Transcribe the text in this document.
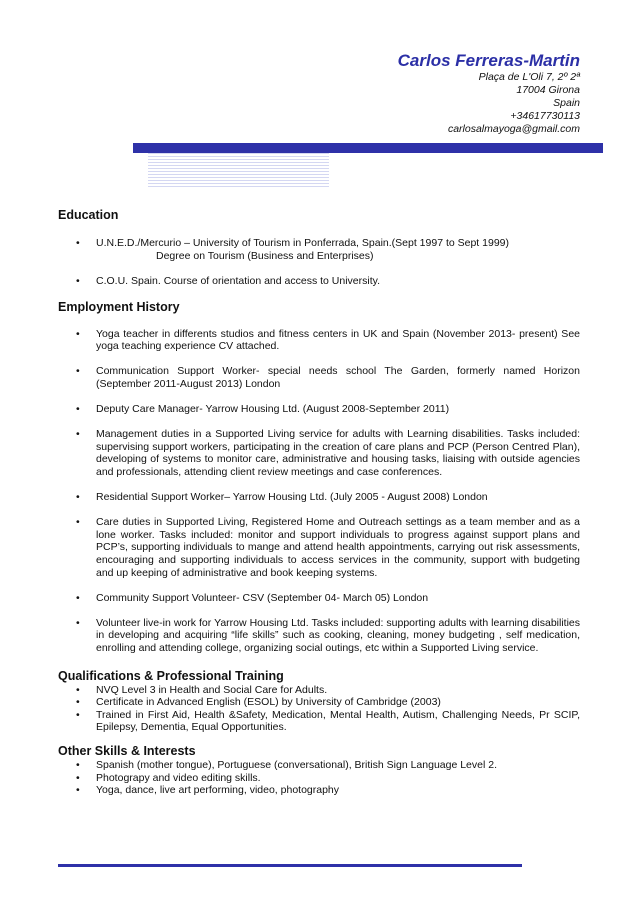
Carlos Ferreras-Martin
Plaça de L'Oli 7, 2º 2ª
17004 Girona
Spain
+34617730113
carlosalmayoga@gmail.com
Education
• U.N.E.D./Mercurio – University of Tourism in Ponferrada, Spain.(Sept 1997 to Sept 1999)
Degree on Tourism (Business and Enterprises)
• C.O.U. Spain. Course of orientation and access to University.
Employment History
• Yoga teacher in differents studios and fitness centers in UK and Spain (November 2013- present) See yoga teaching experience CV attached.
• Communication Support Worker- special needs school The Garden, formerly named Horizon (September 2011-August 2013) London
• Deputy Care Manager- Yarrow Housing Ltd. (August 2008-September 2011)
• Management duties in a Supported Living service for adults with Learning disabilities. Tasks included: supervising support workers, participating in the creation of care plans and PCP (Person Centred Plan), developing of systems to monitor care, administrative and housing tasks, liaising with outside agencies and professionals, attending client review meetings and case conferences.
• Residential Support Worker– Yarrow Housing Ltd. (July 2005 - August 2008) London
• Care duties in Supported Living, Registered Home and Outreach settings as a team member and as a lone worker. Tasks included: monitor and support individuals to progress against support plans and PCP’s, supporting individuals to mange and attend health appointments, carrying out risk assessments, encouraging and supporting individuals to access services in the community, support with budgeting and up keeping of administrative and book keeping systems.
• Community Support Volunteer- CSV (September 04- March 05) London
• Volunteer live-in work for Yarrow Housing Ltd. Tasks included: supporting adults with learning disabilities in developing and acquiring “life skills” such as cooking, cleaning, money budgeting , self medication, enrolling and attending college, organizing social outings, etc within a Supported Living service.
Qualifications & Professional Training
• NVQ Level 3 in Health and Social Care for Adults.
• Certificate in Advanced English (ESOL) by University of Cambridge (2003)
• Trained in First Aid, Health &Safety, Medication, Mental Health, Autism, Challenging Needs, Pr SCIP, Epilepsy, Dementia, Equal Opportunities.
Other Skills & Interests
• Spanish (mother tongue), Portuguese (conversational), British Sign Language Level 2.
• Photograpy and video editing skills.
• Yoga, dance, live art performing, video, photography
